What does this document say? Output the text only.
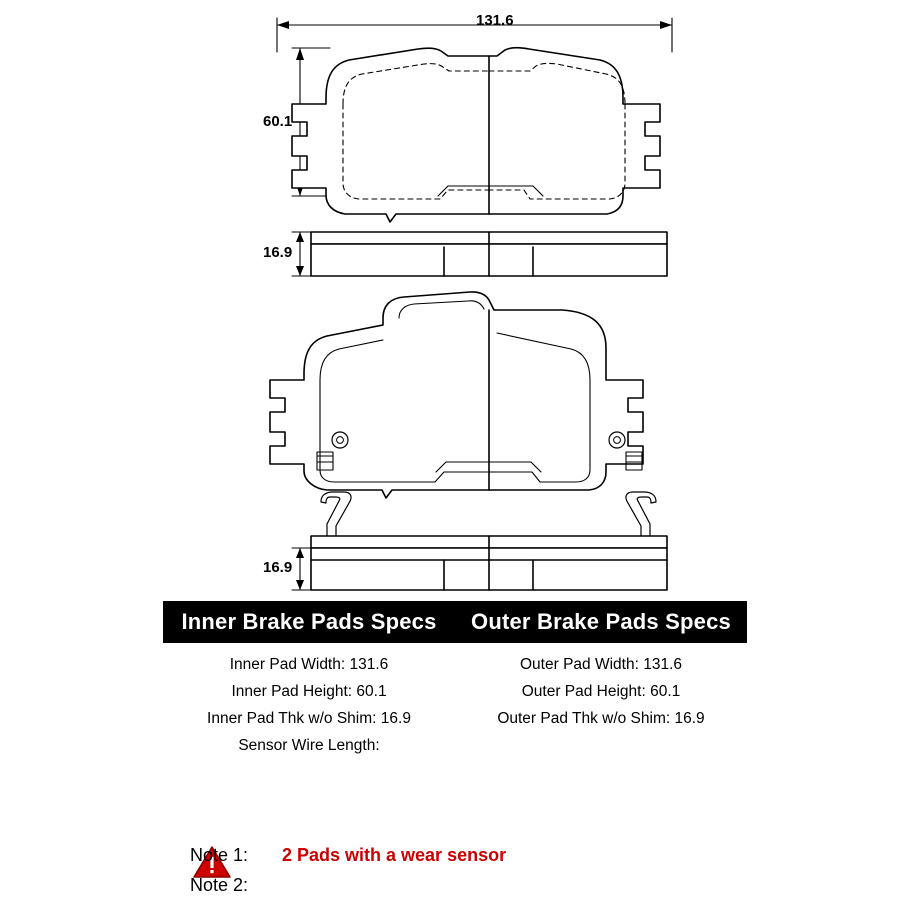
131.6
60.1
16.9
16.9
Inner Brake Pads Specs	Outer Brake Pads Specs
Inner Pad Width: 131.6
Inner Pad Height: 60.1
Inner Pad Thk w/o Shim: 16.9
Sensor Wire Length:
Outer Pad Width: 131.6
Outer Pad Height: 60.1
Outer Pad Thk w/o Shim: 16.9
Note 1:	2 Pads with a wear sensor
Note 2:
